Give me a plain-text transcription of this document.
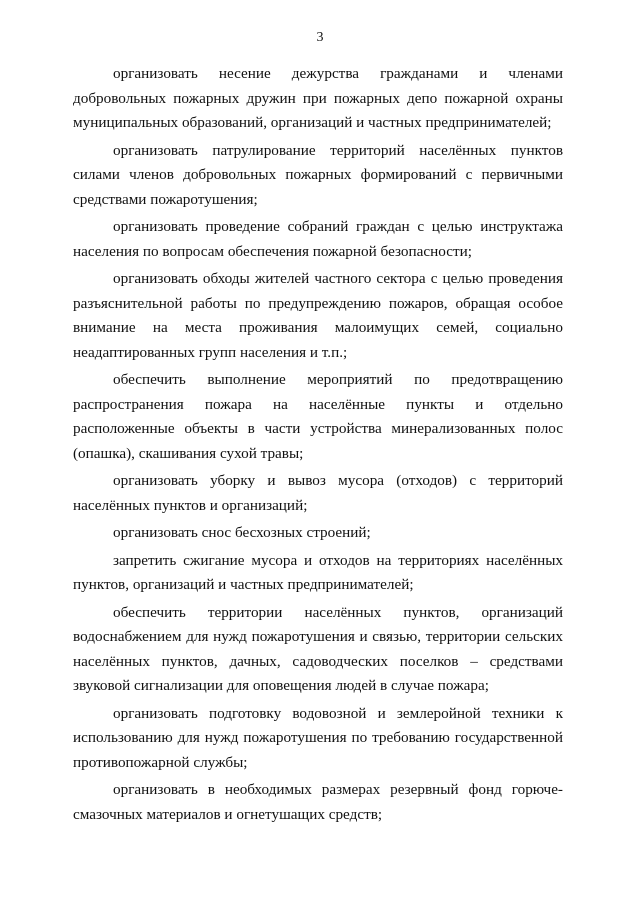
3

организовать несение дежурства гражданами и членами добровольных пожарных дружин при пожарных депо пожарной охраны муниципальных образований, организаций и частных предпринимателей;

организовать патрулирование территорий населённых пунктов силами членов добровольных пожарных формирований с первичными средствами пожаротушения;

организовать проведение собраний граждан с целью инструктажа населения по вопросам обеспечения пожарной безопасности;

организовать обходы жителей частного сектора с целью проведения разъяснительной работы по предупреждению пожаров, обращая особое внимание на места проживания малоимущих семей, социально неадаптированных групп населения и т.п.;

обеспечить выполнение мероприятий по предотвращению распространения пожара на населённые пункты и отдельно расположенные объекты в части устройства минерализованных полос (опашка), скашивания сухой травы;

организовать уборку и вывоз мусора (отходов) с территорий населённых пунктов и организаций;

организовать снос бесхозных строений;

запретить сжигание мусора и отходов на территориях населённых пунктов, организаций и частных предпринимателей;

обеспечить территории населённых пунктов, организаций водоснабжением для нужд пожаротушения и связью, территории сельских населённых пунктов, дачных, садоводческих поселков – средствами звуковой сигнализации для оповещения людей в случае пожара;

организовать подготовку водовозной и землеройной техники к использованию для нужд пожаротушения по требованию государственной противопожарной службы;

организовать в необходимых размерах резервный фонд горюче-смазочных материалов и огнетушащих средств;
